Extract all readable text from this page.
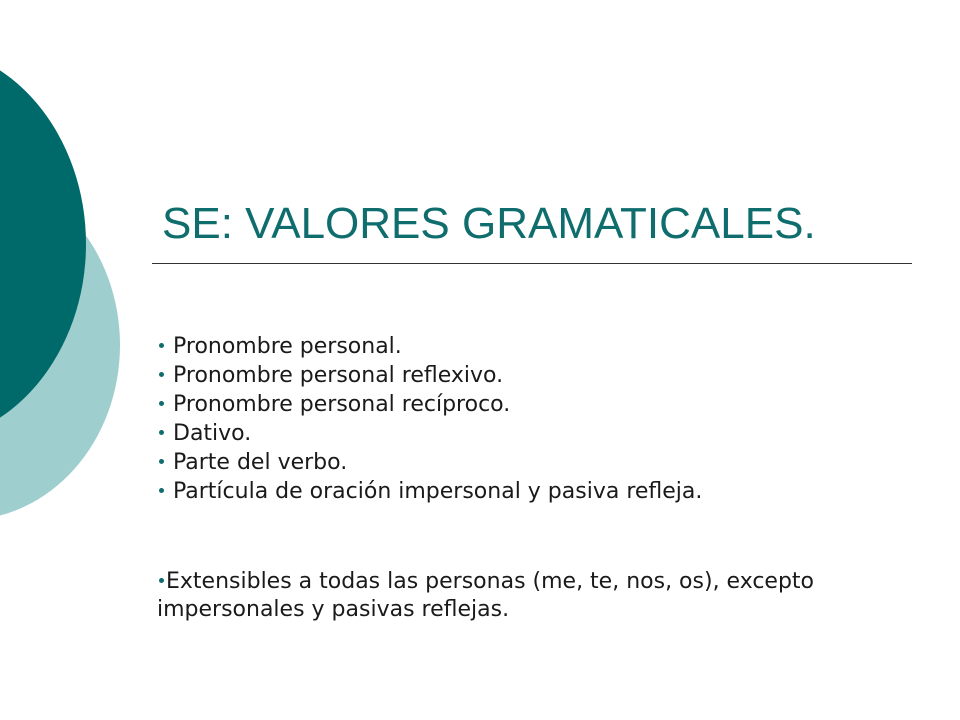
SE: VALORES GRAMATICALES.
Pronombre personal.
Pronombre personal reflexivo.
Pronombre personal recíproco.
Dativo.
Parte del verbo.
Partícula de oración impersonal y pasiva refleja.

Extensibles a todas las personas (me, te, nos, os), excepto impersonales y pasivas reflejas.
